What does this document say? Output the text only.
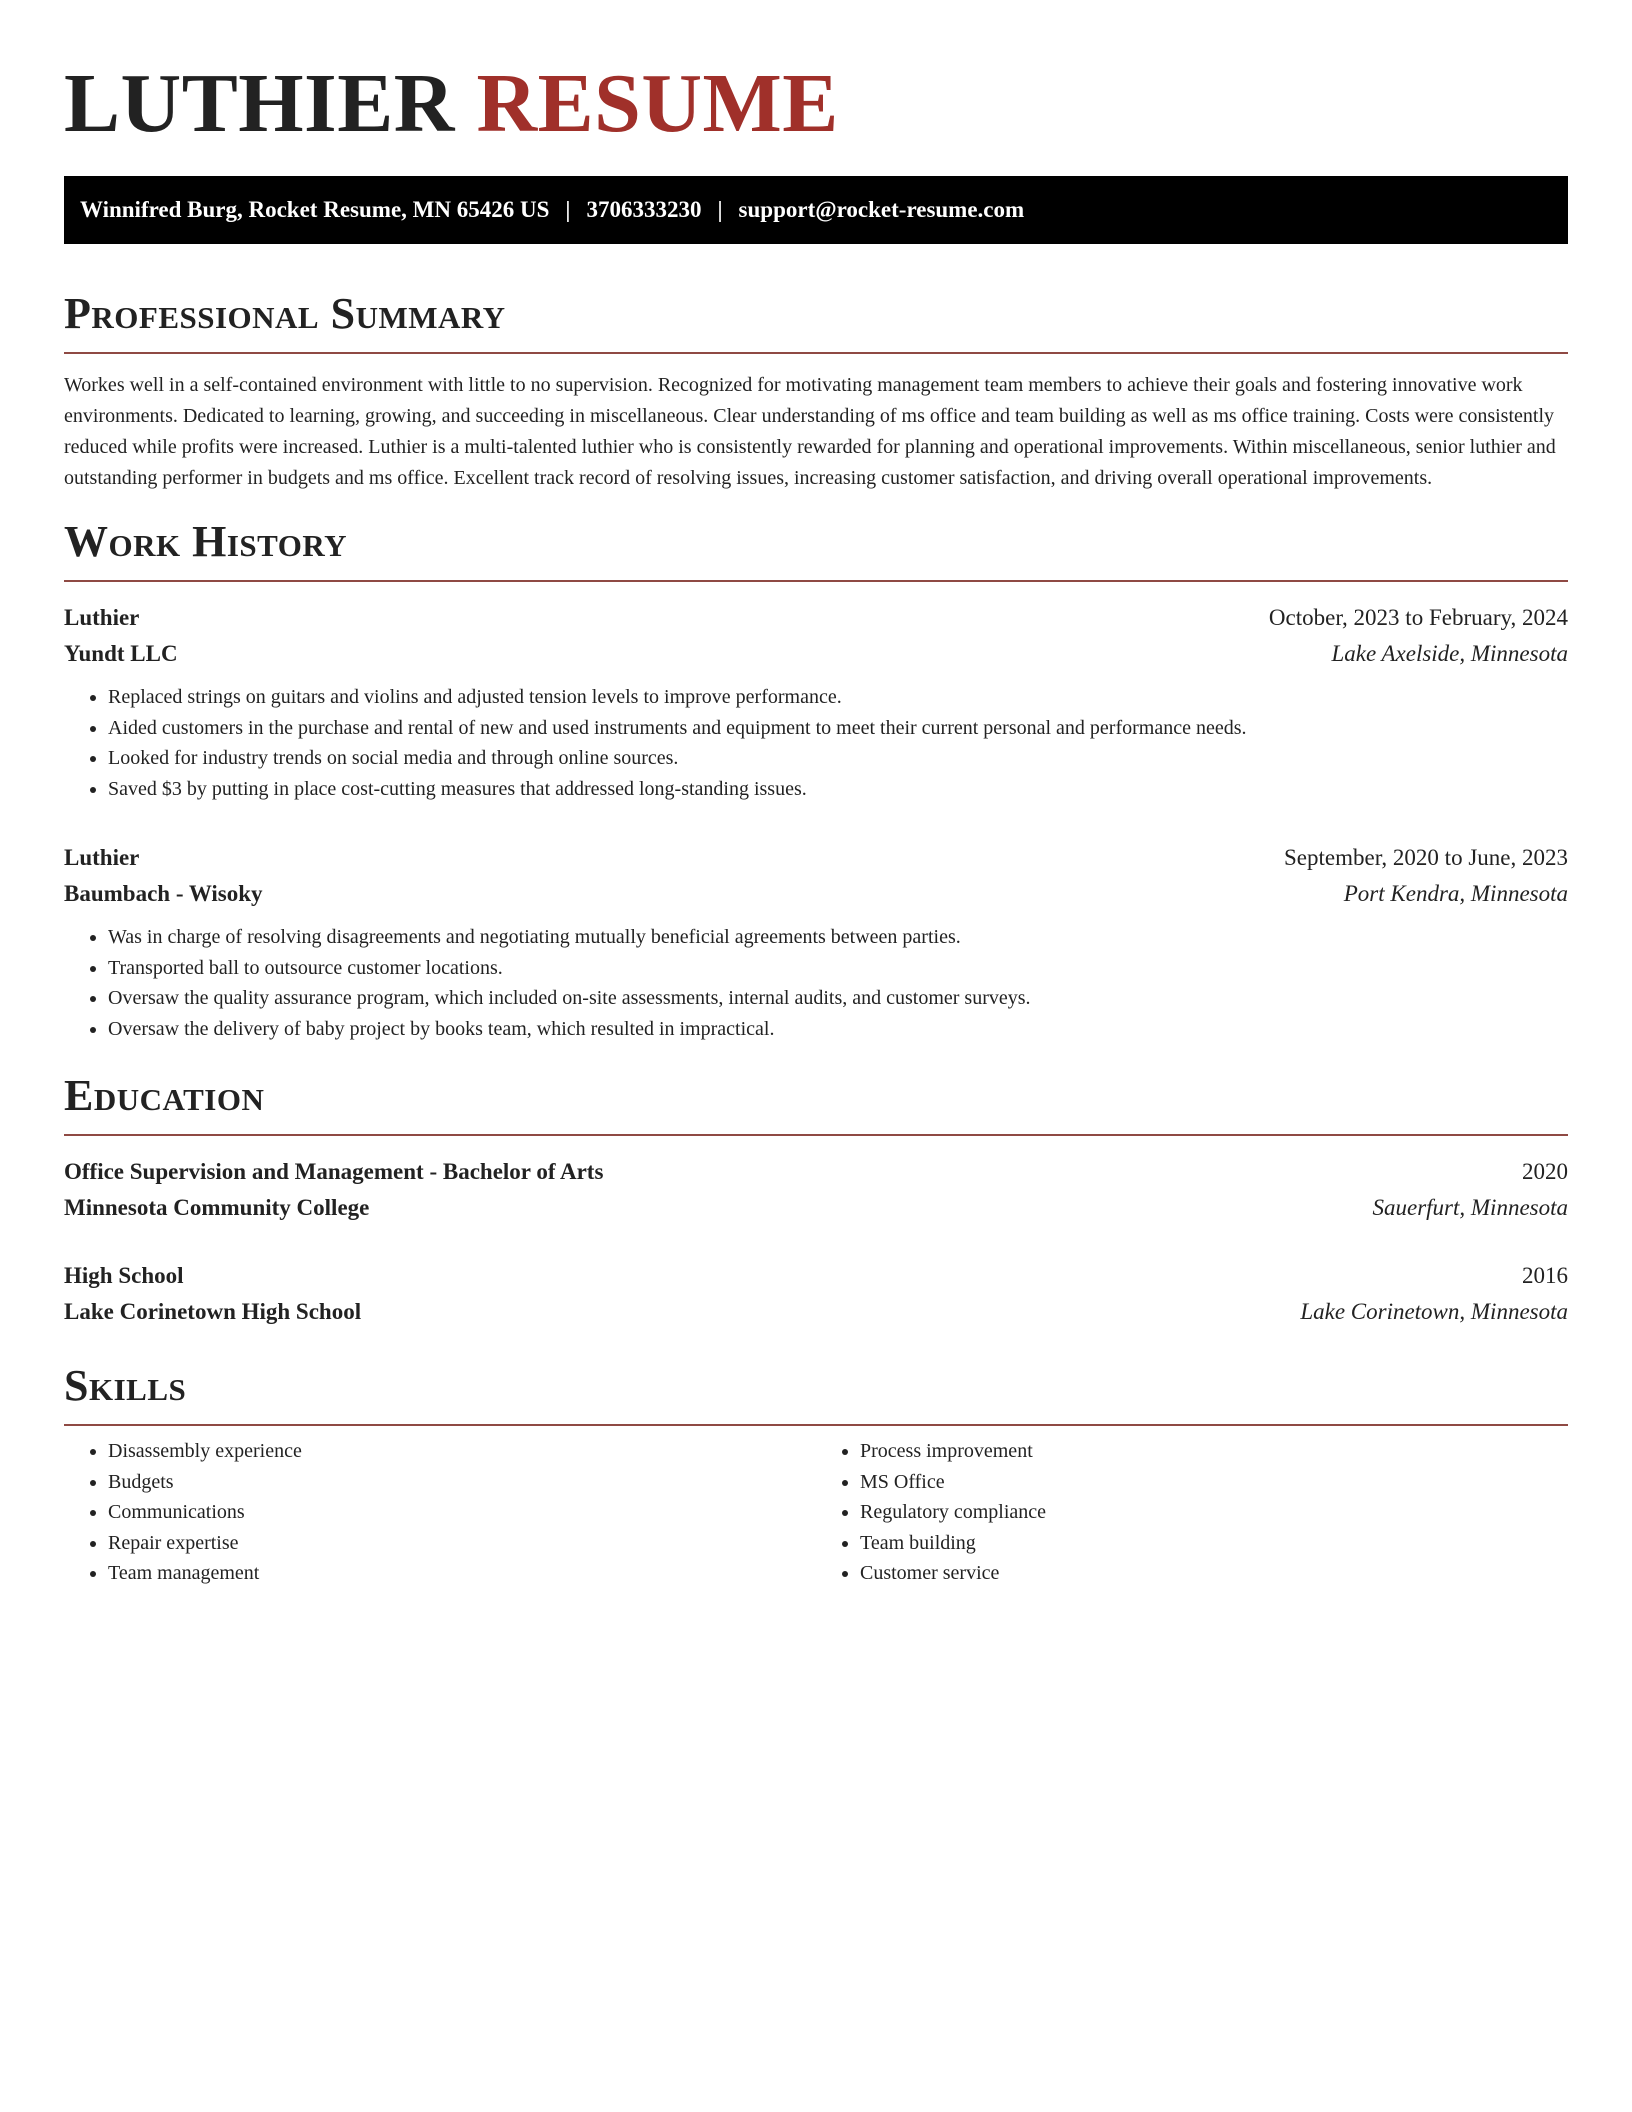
LUTHIER RESUME
Winnifred Burg, Rocket Resume, MN 65426 US | 3706333230 | support@rocket-resume.com
Professional Summary

Workes well in a self-contained environment with little to no supervision. Recognized for motivating management team members to achieve their goals and fostering innovative work environments. Dedicated to learning, growing, and succeeding in miscellaneous. Clear understanding of ms office and team building as well as ms office training. Costs were consistently reduced while profits were increased. Luthier is a multi-talented luthier who is consistently rewarded for planning and operational improvements. Within miscellaneous, senior luthier and outstanding performer in budgets and ms office. Excellent track record of resolving issues, increasing customer satisfaction, and driving overall operational improvements.

Work History
Luthier	October, 2023 to February, 2024
Yundt LLC	Lake Axelside, Minnesota
• Replaced strings on guitars and violins and adjusted tension levels to improve performance.
• Aided customers in the purchase and rental of new and used instruments and equipment to meet their current personal and performance needs.
• Looked for industry trends on social media and through online sources.
• Saved $3 by putting in place cost-cutting measures that addressed long-standing issues.
Luthier	September, 2020 to June, 2023
Baumbach - Wisoky	Port Kendra, Minnesota
• Was in charge of resolving disagreements and negotiating mutually beneficial agreements between parties.
• Transported ball to outsource customer locations.
• Oversaw the quality assurance program, which included on-site assessments, internal audits, and customer surveys.
• Oversaw the delivery of baby project by books team, which resulted in impractical.
Education
Office Supervision and Management - Bachelor of Arts	2020
Minnesota Community College	Sauerfurt, Minnesota
High School	2016
Lake Corinetown High School	Lake Corinetown, Minnesota
Skills
• Disassembly experience
• Budgets
• Communications
• Repair expertise
• Team management
• Process improvement
• MS Office
• Regulatory compliance
• Team building
• Customer service
